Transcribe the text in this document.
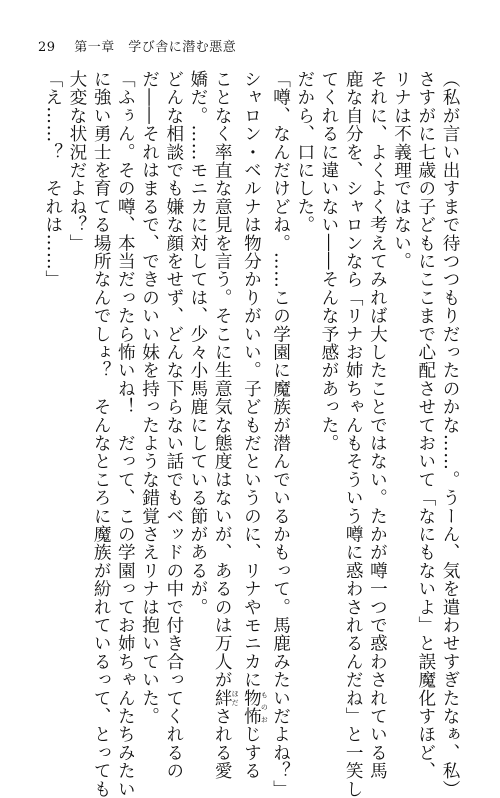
29 第一章　学び舎に潜む悪意
（私が言い出すまで待つつもりだったのかな……。うーん、気を遣わせすぎたなぁ、私）
さすがに七歳の子どもにここまで心配させておいて「なにもないよ」と誤魔化すほど、
リナは不義理ではない。
それに、よくよく考えてみれば大したことではない。たかが噂一つで惑わされている馬
鹿な自分を、シャロンなら「リナお姉ちゃんもそういう噂に惑わされるんだね」と一笑し
てくれるに違いない――そんな予感があった。
だから、口にした。
「噂、なんだけどね。……この学園に魔族が潜んでいるかもって。馬鹿みたいだよね？」
シャロン・ベルナは物分かりがいい。子どもだというのに、リナやモニカに物怖 ものおじする
ことなく率直な意見を言う。そこに生意気な態度はないが、あるのは万人が絆 ほだされる愛
嬌だ。……モニカに対しては、少々小馬鹿にしている節があるが。
どんな相談でも嫌な顔をせず、どんな下らない話でもベッドの中で付き合ってくれるの
だ――それはまるで、できのいい妹を持ったような錯覚さえリナは抱いていた。
「ふぅん。その噂、本当だったら怖いね！　だって、この学園ってお姉ちゃんたちみたい
に強い勇士を育てる場所なんでしょ？　そんなところに魔族が紛れているって、とっても
大変な状況だよね？」
「え……？　それは……」
